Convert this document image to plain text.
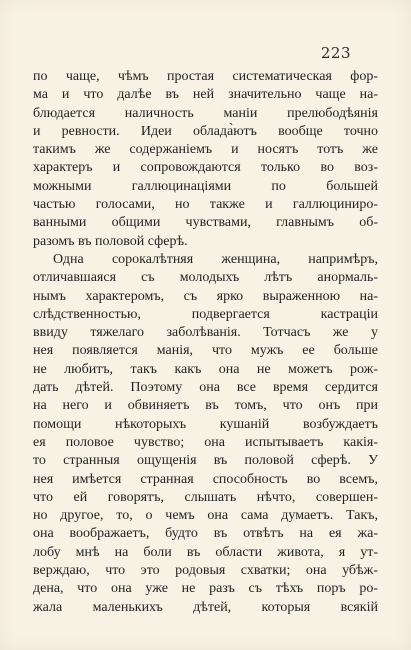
223

по чаще, чѣмъ простая систематическая фор-
ма и что далѣе въ ней значительно чаще на-
блюдается наличность маніи прелюбодѣянія
и ревности. Идеи облада̀ютъ вообще точно
такимъ же содержаніемъ и носятъ тотъ же
характеръ и сопровождаются только во воз-
можными галлюцинаціями по большей
частью голосами, но также и галлюциниро-
ванными общими чувствами, главнымъ об-
разомъ въ половой сферѣ.
Одна сорокалѣтняя женщина, напримѣръ,
отличавшаяся съ молодыхъ лѣтъ анормаль-
нымъ характеромъ, съ ярко выраженною на-
слѣдственностью, подвергается кастраціи
ввиду тяжелаго заболѣванія. Тотчасъ же у
нея появляется манія, что мужъ ее больше
не любитъ, такъ какъ она не можетъ рож-
дать дѣтей. Поэтому она все время сердится
на него и обвиняетъ въ томъ, что онъ при
помощи нѣкоторыхъ кушаній возбуждаетъ
ея половое чувство; она испытываетъ какія-
то странныя ощущенія въ половой сферѣ. У
нея имѣется странная способность во всемъ,
что ей говорятъ, слышать нѣчто, совершен-
но другое, то, о чемъ она сама думаетъ. Такъ,
она воображаетъ, будто въ отвѣтъ на ея жа-
лобу мнѣ на боли въ области живота, я ут-
верждаю, что это родовыя схватки; она убѣж-
дена, что она уже не разъ съ тѣхъ поръ ро-
жала маленькихъ дѣтей, которыя всякій
